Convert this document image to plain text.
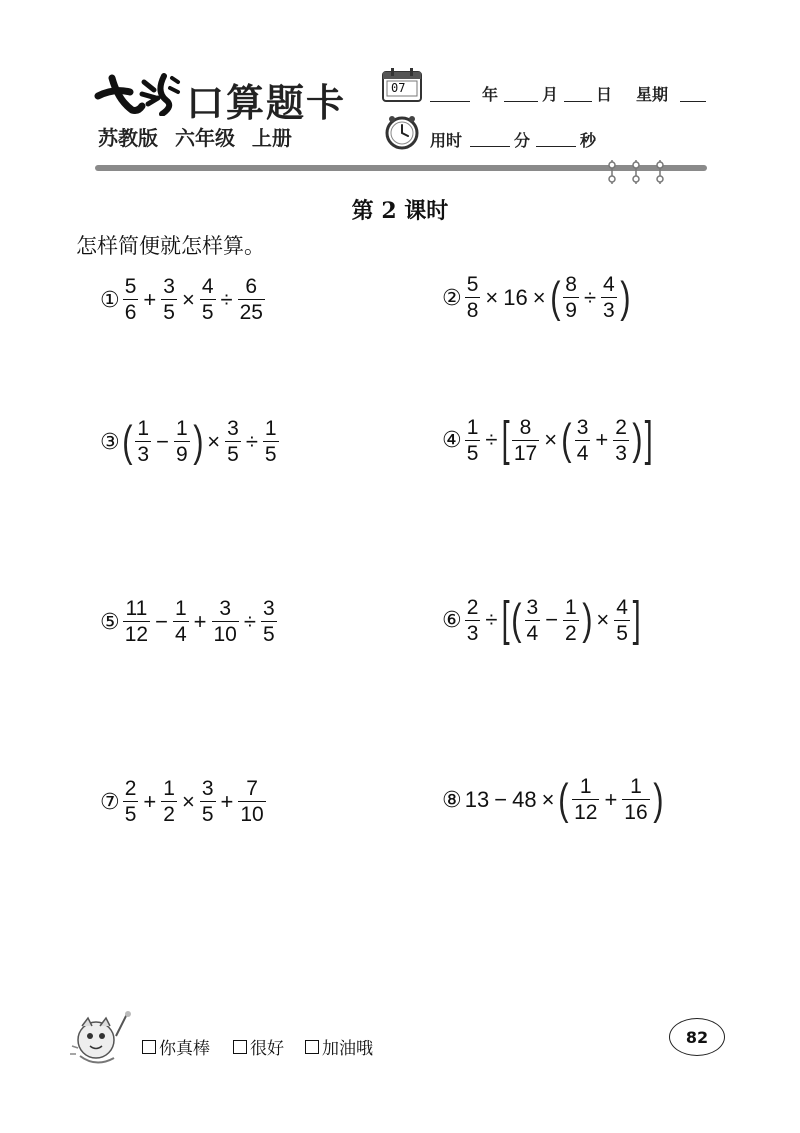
口算题卡
苏教版 六年级 上册
07	年	月 日 星期
用时	分	秒
第 2 课时
怎样简便就怎样算。
① $\frac{5}{6} + \frac{3}{5} \times \frac{4}{5} \div \frac{6}{25}$	② $\frac{5}{8} \times 16$ × ( $\frac{8}{9} \div \frac{4}{3}$ )
③ ( $\frac{1}{3} - \frac{1}{9}$ ) × $\frac{3}{5} \div \frac{1}{5}$	④ $\frac{1}{5}$ ÷ [ $\frac{8}{17}$ × ( $\frac{3}{4} + \frac{2}{3}$ ) ]
⑤ $\frac{11}{12} - \frac{1}{4} + \frac{3}{10} \div \frac{3}{5}$	⑥ $\frac{2}{3}$ ÷ [ ( $\frac{3}{4} - \frac{1}{2}$ ) × $\frac{4}{5}$ ]
⑦ $\frac{2}{5} + \frac{1}{2} \times \frac{3}{5} + \frac{7}{10}$	⑧ 13 − 48 × ( $\frac{1}{12} + \frac{1}{16}$ )
你真棒 很好 加油哦
82
